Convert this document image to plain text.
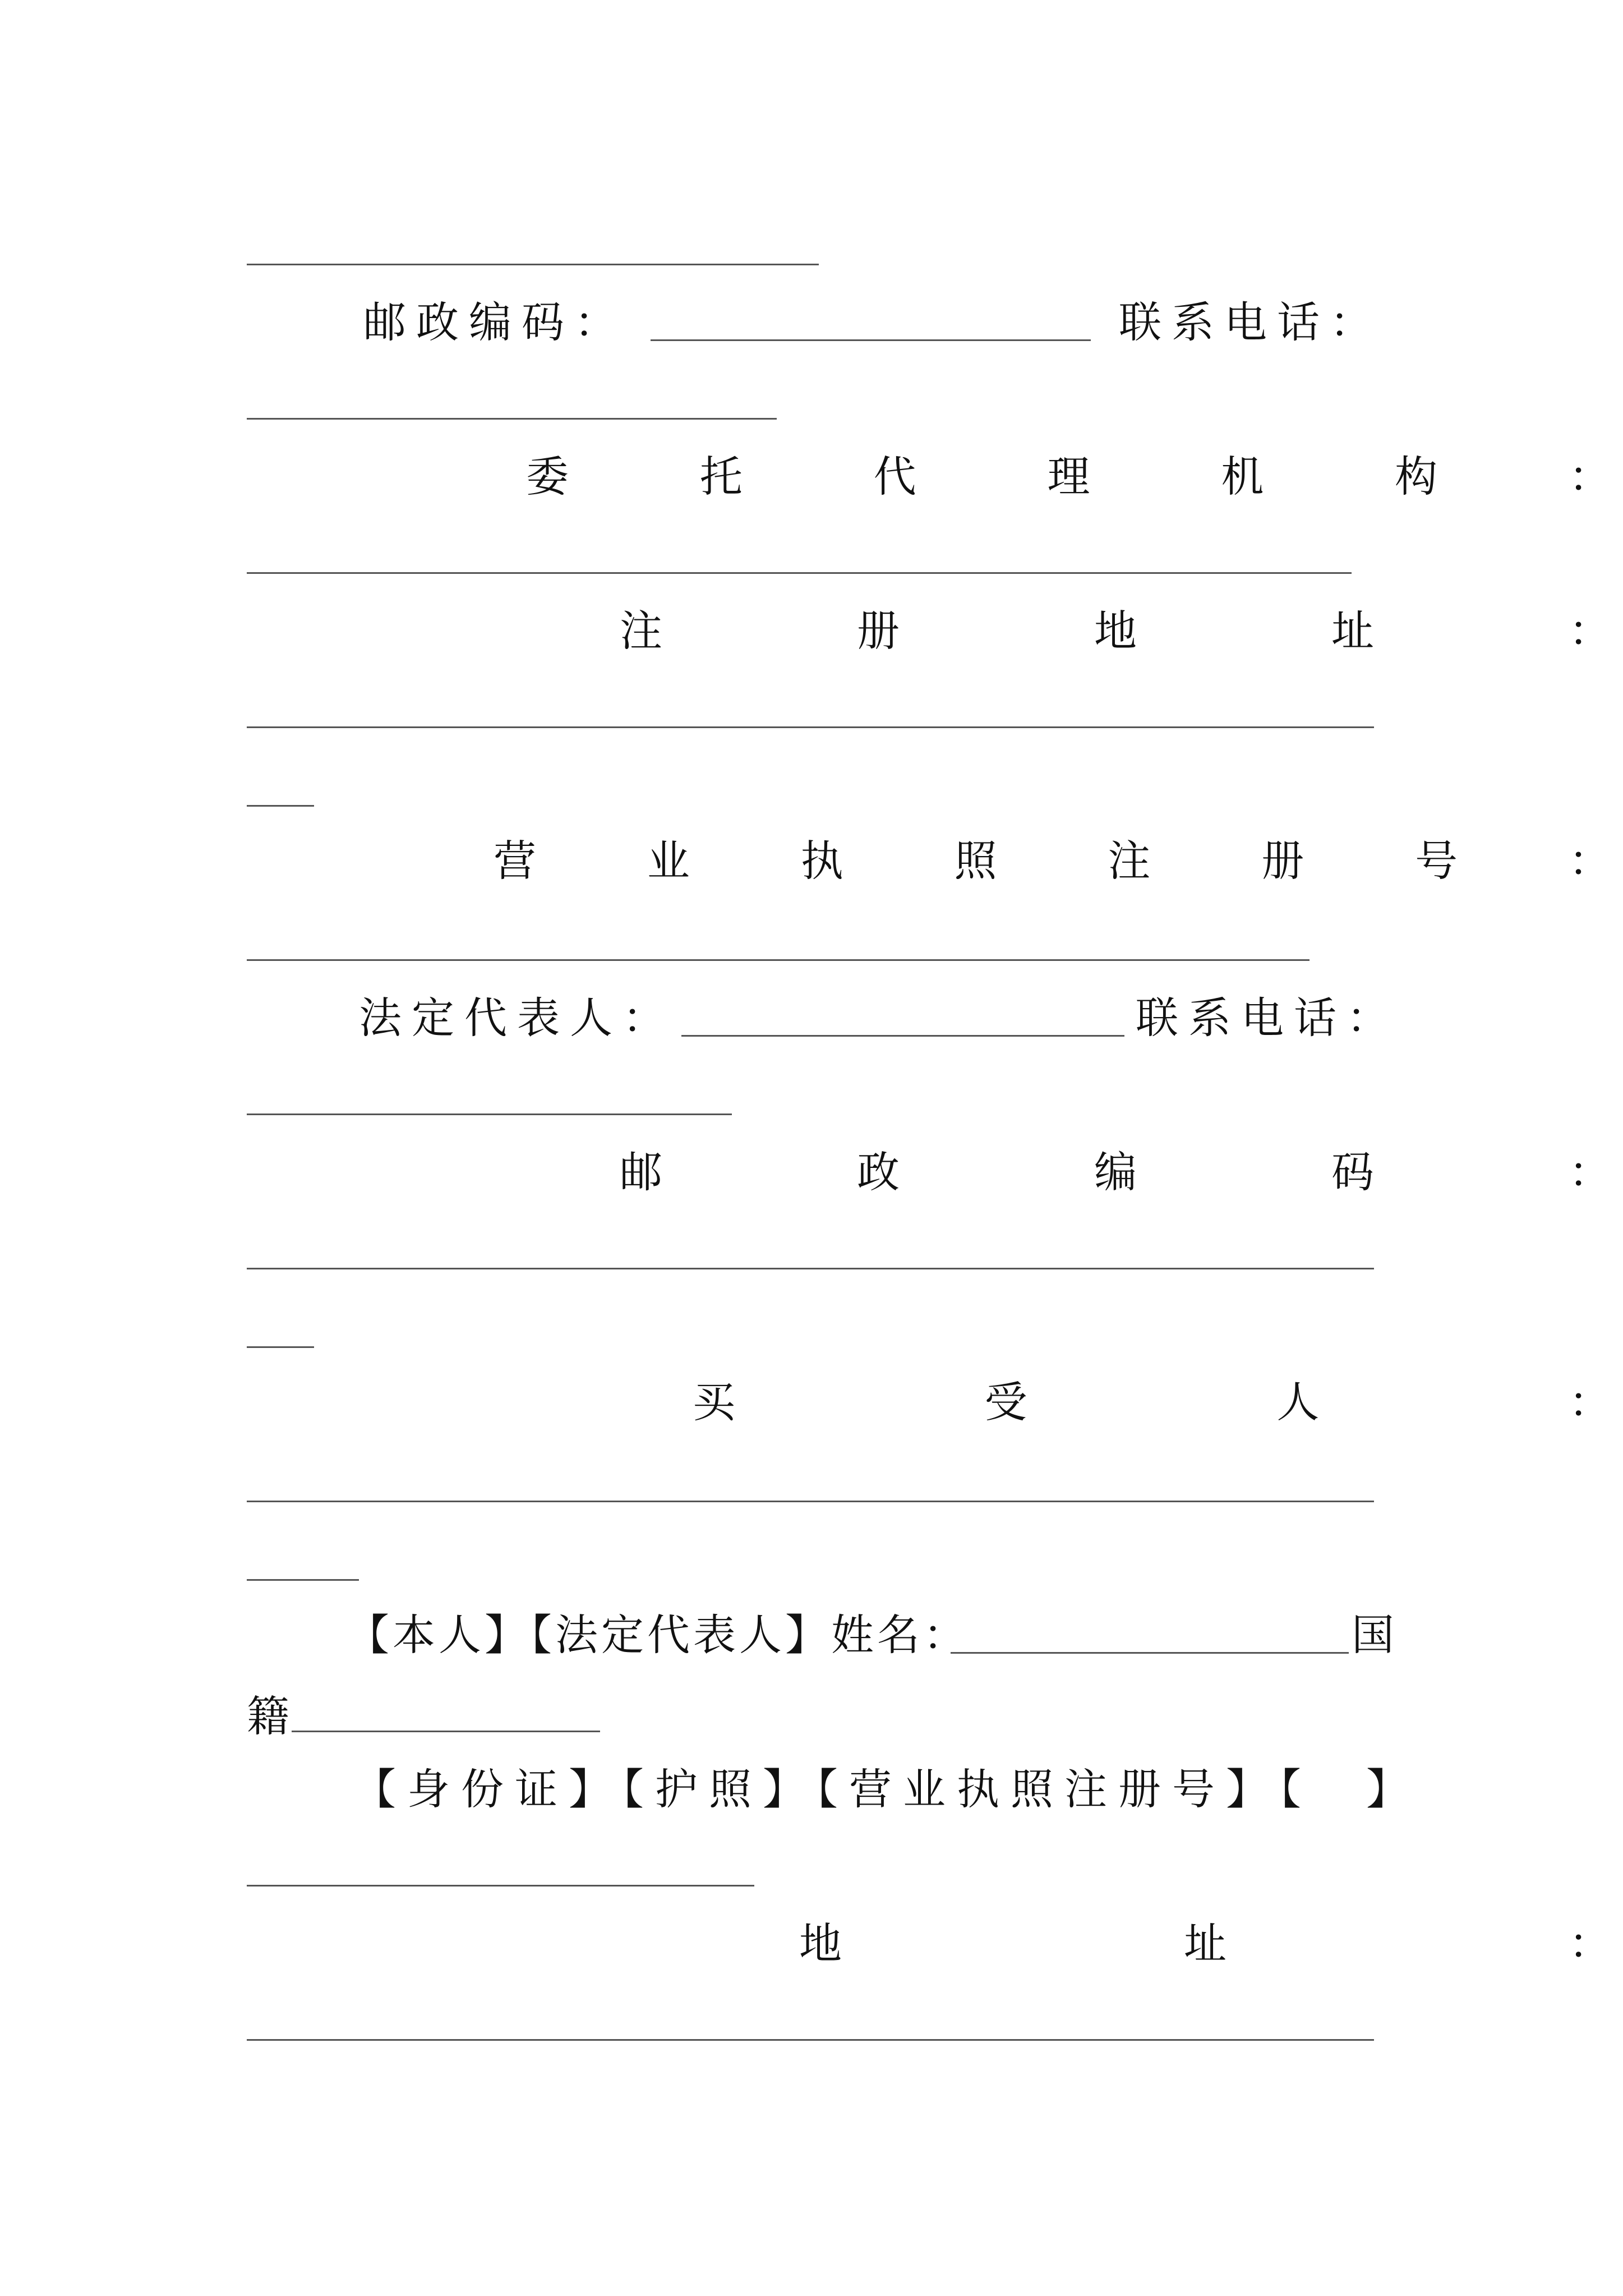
邮政编码：	联系电话：
委	托	代	理	机	构	：
注	册	地	址	：
营	业	执	照	注	册	号	：
法定代表人：	联系电话：
邮	政	编	码	：
买	受	人	：
【本人】【法定代表人】姓名：	国
籍
【身份证】【护照】【营业执照注册号】【　】
地	址	：
